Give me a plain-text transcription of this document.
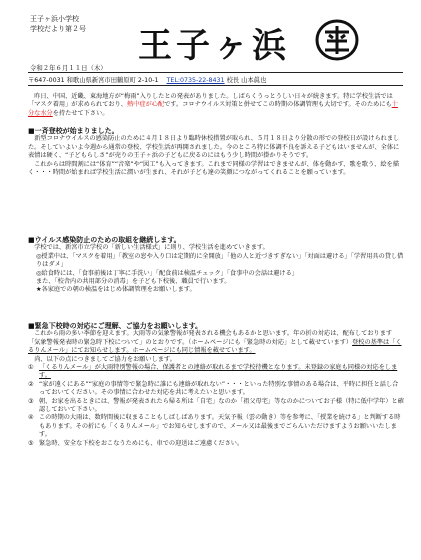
王子ヶ浜小学校
学校だより第２号
令和２年６月１１日（木）
王子ヶ浜
〒647-0031 和歌山県新宮市田鶴原町 2-10-1 TEL:0735-22-8431 校長 山本眞也

昨日、中国、近畿、東海地方が“梅雨”入りしたとの発表がありました。しばらくうっとうしい日々が続きます。特に学校生活では「マスク着用」が求められており、熱中症が心配です。コロナウイルス対策と併せてこの時期の体調管理も大切です。そのためにも十分な水分を持たせて下さい。

■一斉登校が始まりました。

新型コロナウイルスの感染防止のために４月１８日より臨時休校措置が取られ、５月１８日より分散の形での登校日が設けられました。そしていよいよ今週から通常の登校、学校生活が再開されました。今のところ特に体調不良を訴える子どもはいませんが、全体に表情は硬く、“子どもらしさ”が売りの王子ヶ浜の子どもに戻るのにはもう少し時間が掛かりそうです。

これからは時間割には“体育”“音楽”や“図工”も入ってきます。これまで同様の学習はできませんが、体を動かす、歌を歌う、絵を描く・・・時間が始まれば学校生活に潤いが生まれ、それが子ども達の笑顔につながってくれることを願っています。

■ウイルス感染防止のための取組を継続します。

学校では、新宮市立学校の「新しい生活様式」に則り、学校生活を進めていきます。

◎授業中は、「マスクを着用」「教室の窓や入り口は定期的に全開放」「他の人と近づきすぎない」「対面は避ける」「学習用具の貸し借りはダメ」

◎給食時には、「食事前後は丁寧に手洗い」「配食前は検温チェック」「食事中の会話は避ける」

また、「校舎内の共用部分の消毒」を子ども下校後、職員で行います。

★各家庭での朝の検温をはじめ体調管理をお願いします。

■緊急下校時の対応にご理解、ご協力をお願いします。

これから雨の多い季節を迎えます。大雨等の気象警報が発表される機会もあるかと思います。年の折の対応は、配布しております「気象警報発表時の緊急時下校について」のとおりです。（ホームページにも「緊急時の対応」として載せています）登校の基準は「くるりんメール」にてお知らせします。ホームページにも同じ情報を載せています。

尚、以下の点につきましてご協力をお願いします。

① 「くるりんメール」が大雨特別警報の場合、保護者との連絡が取れるまで学校待機となります。未登録の家庭も同様の対応をします。
② “家が遠くにある”“家庭の事情等で緊急時に誰にも連絡が取れない”・・・といった特別な事情のある場合は、平時に担任と話し合っておいてください。その事情に合わせた対応を共に考えたいと思います。
③ 朝、お家を出るときには、警報が発表されたら帰る所は「自宅」なのか「祖父母宅」等なのかについてお子様（特に低中学年）と確認しておいて下さい。
④ この時期の大雨は、数時間後に収まることもしばしばあります。天気予報（雲の動き）等を参考に、「授業を続ける」と判断する時もあります。その折にも「くるりんメール」でお知らせしますので、メール又は最後までごらんいただけますようお願いいたします。
⑤ 緊急時、安全な下校をおこなうためにも、車での迎送はご遠慮ください。
